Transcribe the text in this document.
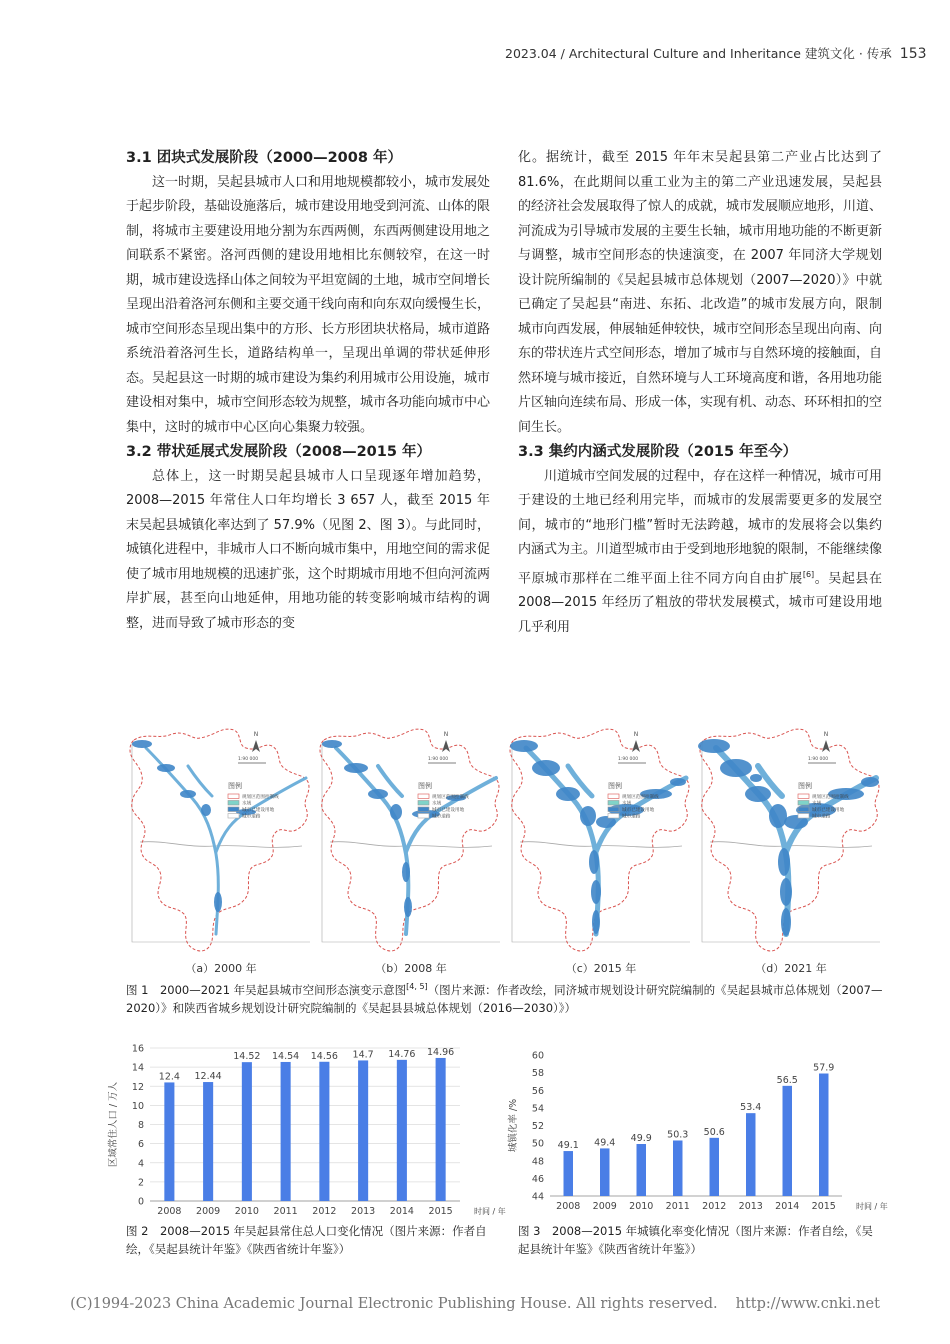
2023.04 / Architectural Culture and Inheritance 建筑文化 · 传承 153
3.1 团块式发展阶段（2000—2008 年）

这一时期，吴起县城市人口和用地规模都较小，城市发展处于起步阶段，基础设施落后，城市建设用地受到河流、山体的限制，将城市主要建设用地分割为东西两侧，东西两侧建设用地之间联系不紧密。洛河西侧的建设用地相比东侧较窄，在这一时期，城市建设选择山体之间较为平坦宽阔的土地，城市空间增长呈现出沿着洛河东侧和主要交通干线向南和向东双向缓慢生长，城市空间形态呈现出集中的方形、长方形团块状格局，城市道路系统沿着洛河生长，道路结构单一，呈现出单调的带状延伸形态。吴起县这一时期的城市建设为集约利用城市公用设施，城市建设相对集中，城市空间形态较为规整，城市各功能向城市中心集中，这时的城市中心区向心集聚力较强。

3.2 带状延展式发展阶段（2008—2015 年）

总体上，这一时期吴起县城市人口呈现逐年增加趋势，2008—2015 年常住人口年均增长 3 657 人，截至 2015 年末吴起县城镇化率达到了 57.9%（见图 2、图 3）。与此同时，城镇化进程中，非城市人口不断向城市集中，用地空间的需求促使了城市用地规模的迅速扩张，这个时期城市用地不但向河流两岸扩展，甚至向山地延伸，用地功能的转变影响城市结构的调整，进而导致了城市形态的变

化。据统计，截至 2015 年年末吴起县第二产业占比达到了 81.6%，在此期间以重工业为主的第二产业迅速发展，吴起县的经济社会发展取得了惊人的成就，城市发展顺应地形，川道、河流成为引导城市发展的主要生长轴，城市用地功能的不断更新与调整，城市空间形态的快速演变，在 2007 年同济大学规划设计院所编制的《吴起县城市总体规划（2007—2020）》中就已确定了吴起县“南进、东拓、北改造”的城市发展方向，限制城市向西发展，伸展轴延伸较快，城市空间形态呈现出向南、向东的带状连片式空间形态，增加了城市与自然环境的接触面，自然环境与城市接近，自然环境与人工环境高度和谐，各用地功能片区轴向连续布局、形成一体，实现有机、动态、环环相扣的空间生长。

3.3 集约内涵式发展阶段（2015 年至今）

川道城市空间发展的过程中，存在这样一种情况，城市可用于建设的土地已经利用完毕，而城市的发展需要更多的发展空间，城市的“地形门槛”暂时无法跨越，城市的发展将会以集约内涵式为主。川道型城市由于受到地形地貌的限制，不能继续像平原城市那样在二维平面上往不同方向自由扩展[6]。吴起县在 2008—2015 年经历了粗放的带状发展模式，城市可建设用地几乎利用

N
1:90 000
图例
规划区范围控制线
水域
城市已建设用地
城市道路
（a）2000 年
N
1:90 000
图例
规划区范围控制线
水域
城市已建设用地
城市道路
（b）2008 年
N
1:90 000
图例
规划区范围控制线
水域
城市已建设用地
城市道路
（c）2015 年
N
1:90 000
图例
规划区范围控制线
水域
城市已建设用地
城市道路
（d）2021 年
图 1　2000—2021 年吴起县城市空间形态演变示意图[4, 5]（图片来源：作者改绘，同济城市规划设计研究院编制的《吴起县城市总体规划（2007—2020）》和陕西省城乡规划设计研究院编制的《吴起县县城总体规划（2016—2030）》）
0
2
4
6
8
10
12
14
16
12.4
2008
12.44
2009
14.52
2010
14.54
2011
14.56
2012
14.7
2013
14.76
2014
14.96
2015	时间 / 年
区域常住人口 / 万人
图 2　2008—2015 年吴起县常住总人口变化情况（图片来源：作者自绘，《吴起县统计年鉴》《陕西省统计年鉴》）
44
46
48
50
52
54
56
58
60
49.1
2008
49.4
2009
49.9
2010
50.3
2011
50.6
2012
53.4
2013
56.5
2014
57.9
2015	时间 / 年
城镇化率 /%
图 3　2008—2015 年城镇化率变化情况（图片来源：作者自绘，《吴起县统计年鉴》《陕西省统计年鉴》）
(C)1994-2023 China Academic Journal Electronic Publishing House. All rights reserved. http://www.cnki.net
